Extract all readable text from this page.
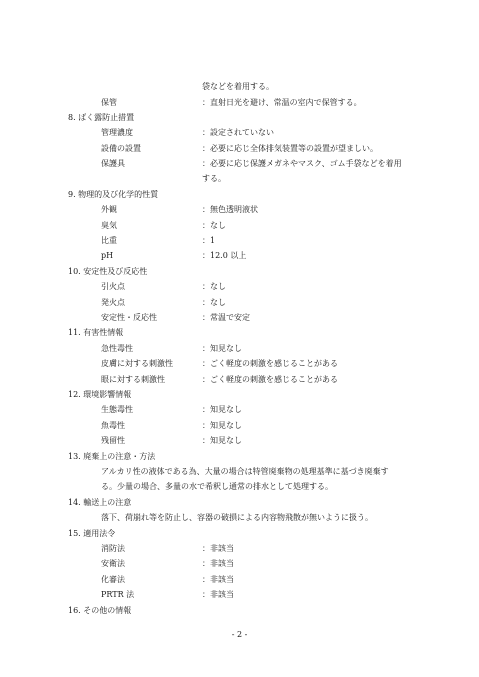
袋などを着用する。
保管	：直射日光を避け、常温の室内で保管する。
8. ばく露防止措置
管理濃度	：設定されていない
設備の設置	：必要に応じ全体排気装置等の設置が望ましい。
保護具	：必要に応じ保護メガネやマスク、ゴム手袋などを着用
する。
9. 物理的及び化学的性質
外観	：無色透明液状
臭気	：なし
比重	：1
pH	：12.0 以上
10. 安定性及び反応性
引火点	：なし
発火点	：なし
安定性・反応性	：常温で安定
11. 有害性情報
急性毒性	：知見なし
皮膚に対する刺激性	：ごく軽度の刺激を感じることがある
眼に対する刺激性	：ごく軽度の刺激を感じることがある
12. 環境影響情報
生態毒性	：知見なし
魚毒性	：知見なし
残留性	：知見なし
13. 廃棄上の注意・方法
アルカリ性の液体である為、大量の場合は特管廃棄物の処理基準に基づき廃棄す
る。少量の場合、多量の水で希釈し通常の排水として処理する。
14. 輸送上の注意
落下、荷崩れ等を防止し、容器の破損による内容物飛散が無いように扱う。
15. 適用法令
消防法	：非該当
安衛法	：非該当
化審法	：非該当
PRTR 法	：非該当
16. その他の情報
- 2 -
